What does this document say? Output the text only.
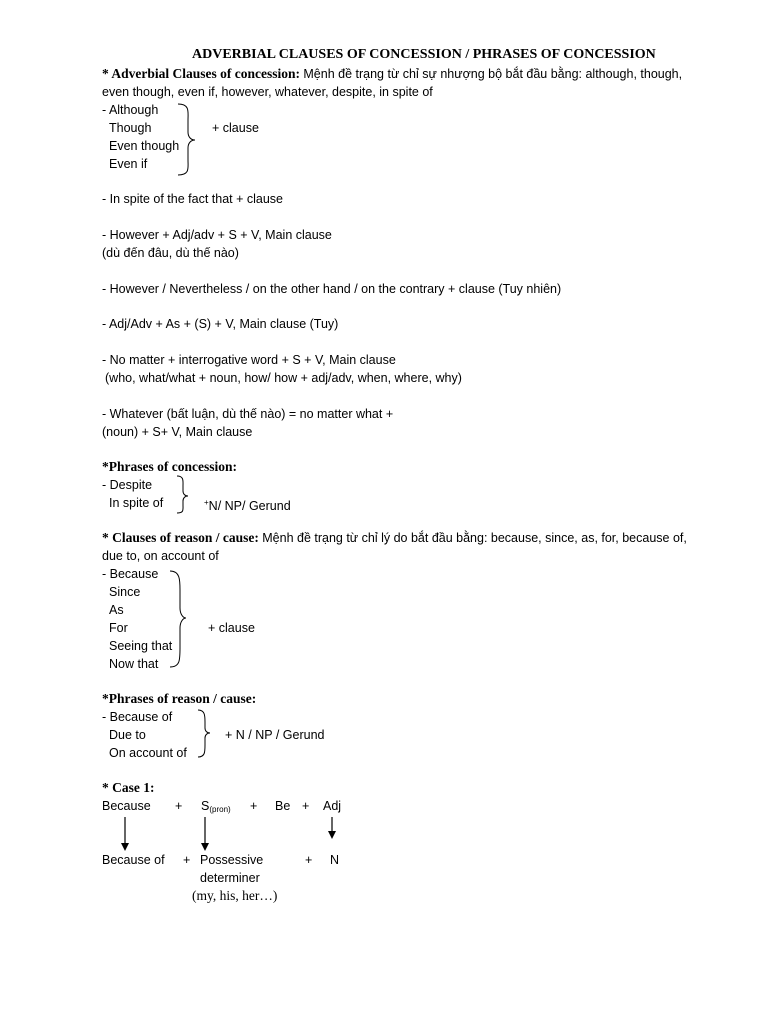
ADVERBIAL CLAUSES OF CONCESSION / PHRASES OF CONCESSION
* Adverbial Clauses of concession: Mệnh đề trạng từ chỉ sự nhượng bộ bắt đầu bằng: although, though,
even though, even if, however, whatever, despite, in spite of
- Although
Though
Even though
Even if
+ clause
- In spite of the fact that + clause
- However + Adj/adv + S + V, Main clause
(dù đến đâu, dù thế nào)
- However / Nevertheless / on the other hand / on the contrary + clause (Tuy nhiên)
- Adj/Adv + As + (S) + V, Main clause (Tuy)
- No matter + interrogative word + S + V, Main clause
(who, what/what + noun, how/ how + adj/adv, when, where, why)
- Whatever (bất luận, dù thế nào) = no matter what +
(noun) + S+ V, Main clause
*Phrases of concession:
- Despite
In spite of	+N/ NP/ Gerund
* Clauses of reason / cause: Mệnh đề trạng từ chỉ lý do bắt đầu bằng: because, since, as, for, because of,
due to, on account of
- Because
Since
As
For
Seeing that
Now that
+ clause
*Phrases of reason / cause:
- Because of
Due to
On account of
+ N / NP / Gerund
* Case 1:
Because + $S_{(pron)} + Be$ + Adj
Because of + Possessive
determiner
(my, his, her…)
+ N
